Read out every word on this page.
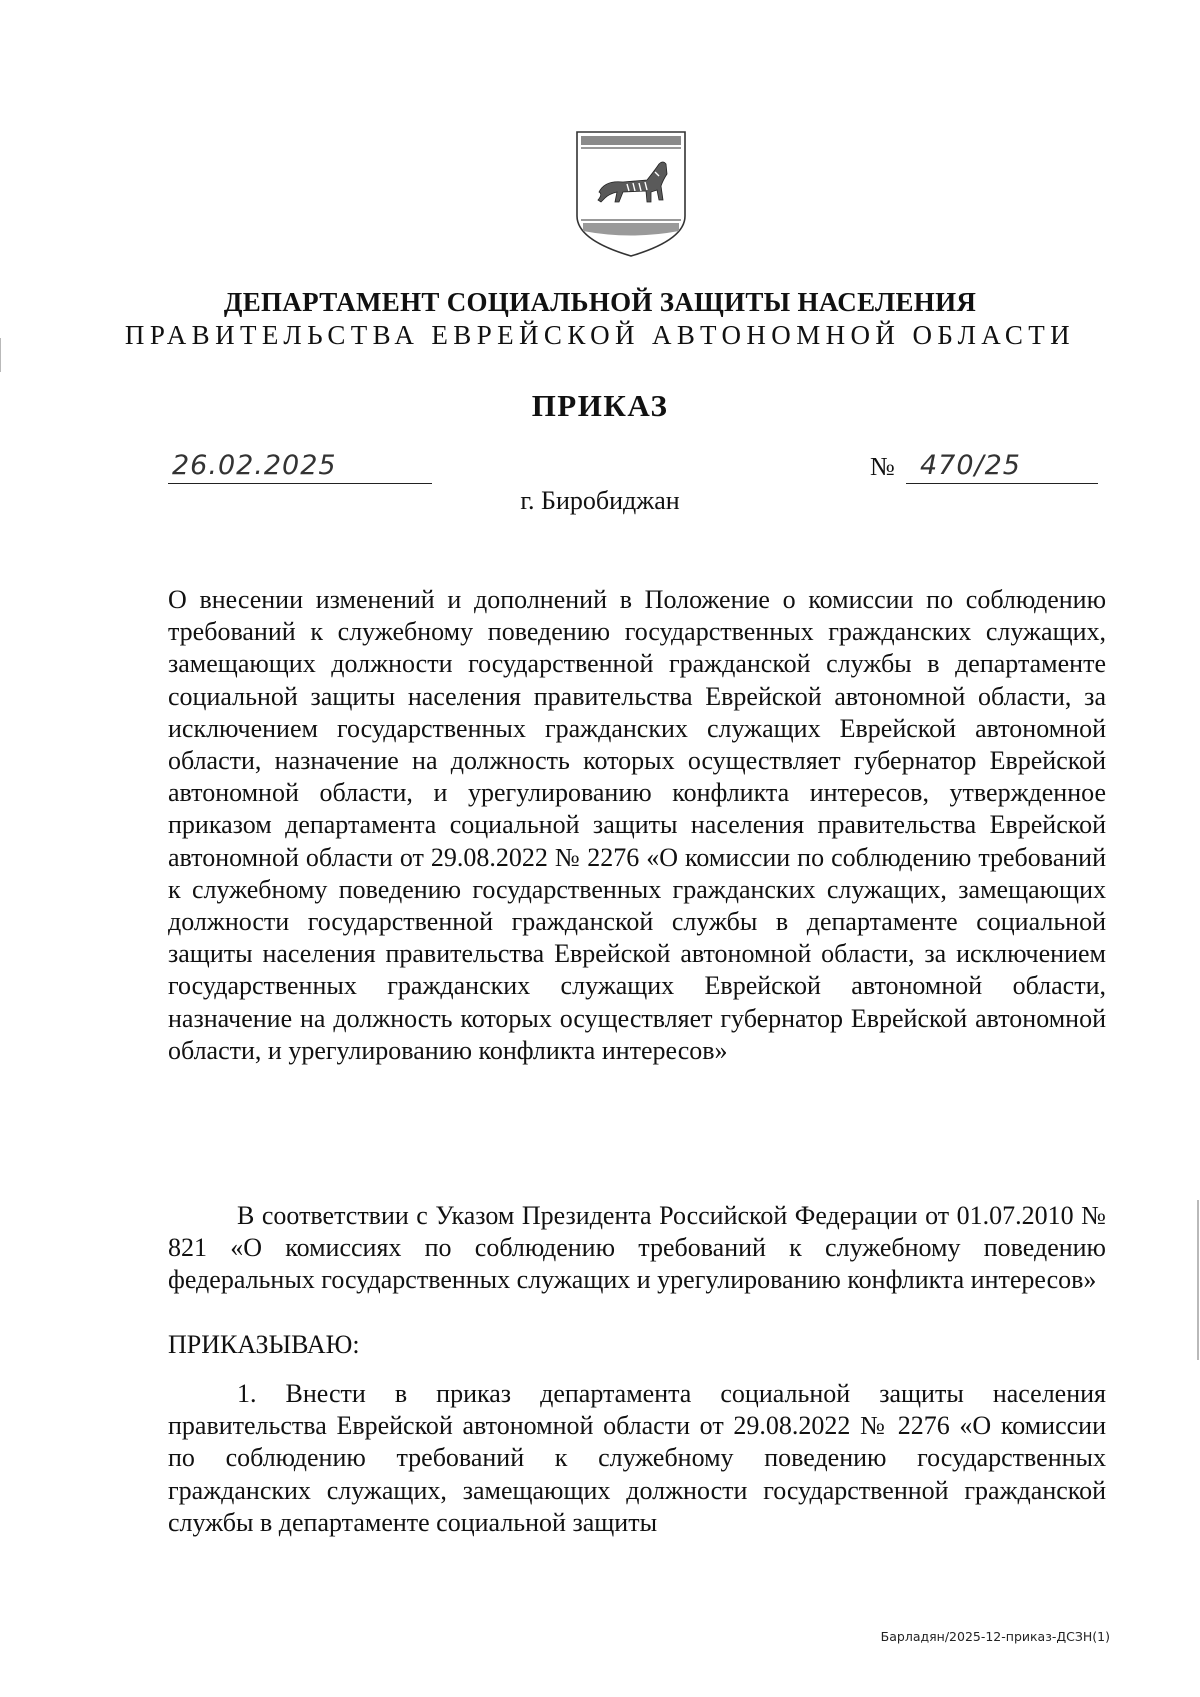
ДЕПАРТАМЕНТ СОЦИАЛЬНОЙ ЗАЩИТЫ НАСЕЛЕНИЯ
ПРАВИТЕЛЬСТВА ЕВРЕЙСКОЙ АВТОНОМНОЙ ОБЛАСТИ
ПРИКАЗ
26.02.2025	№ 470/25
г. Биробиджан
О внесении изменений и дополнений в Положение о комиссии по соблюдению требований к служебному поведению государственных гражданских служащих, замещающих должности государственной гражданской службы в департаменте социальной защиты населения правительства Еврейской автономной области, за исключением государственных гражданских служащих Еврейской автономной области, назначение на должность которых осуществляет губернатор Еврейской автономной области, и урегулированию конфликта интересов, утвержденное приказом департамента социальной защиты населения правительства Еврейской автономной области от 29.08.2022 № 2276 «О комиссии по соблюдению требований к служебному поведению государственных гражданских служащих, замещающих должности государственной гражданской службы в департаменте социальной защиты населения правительства Еврейской автономной области, за исключением государственных гражданских служащих Еврейской автономной области, назначение на должность которых осуществляет губернатор Еврейской автономной области, и урегулированию конфликта интересов»
В соответствии с Указом Президента Российской Федерации от 01.07.2010 № 821 «О комиссиях по соблюдению требований к служебному поведению федеральных государственных служащих и урегулированию конфликта интересов»
ПРИКАЗЫВАЮ:
1. Внести в приказ департамента социальной защиты населения правительства Еврейской автономной области от 29.08.2022 № 2276 «О комиссии по соблюдению требований к служебному поведению государственных гражданских служащих, замещающих должности государственной гражданской службы в департаменте социальной защиты
Барладян/2025-12-приказ-ДСЗН(1)
